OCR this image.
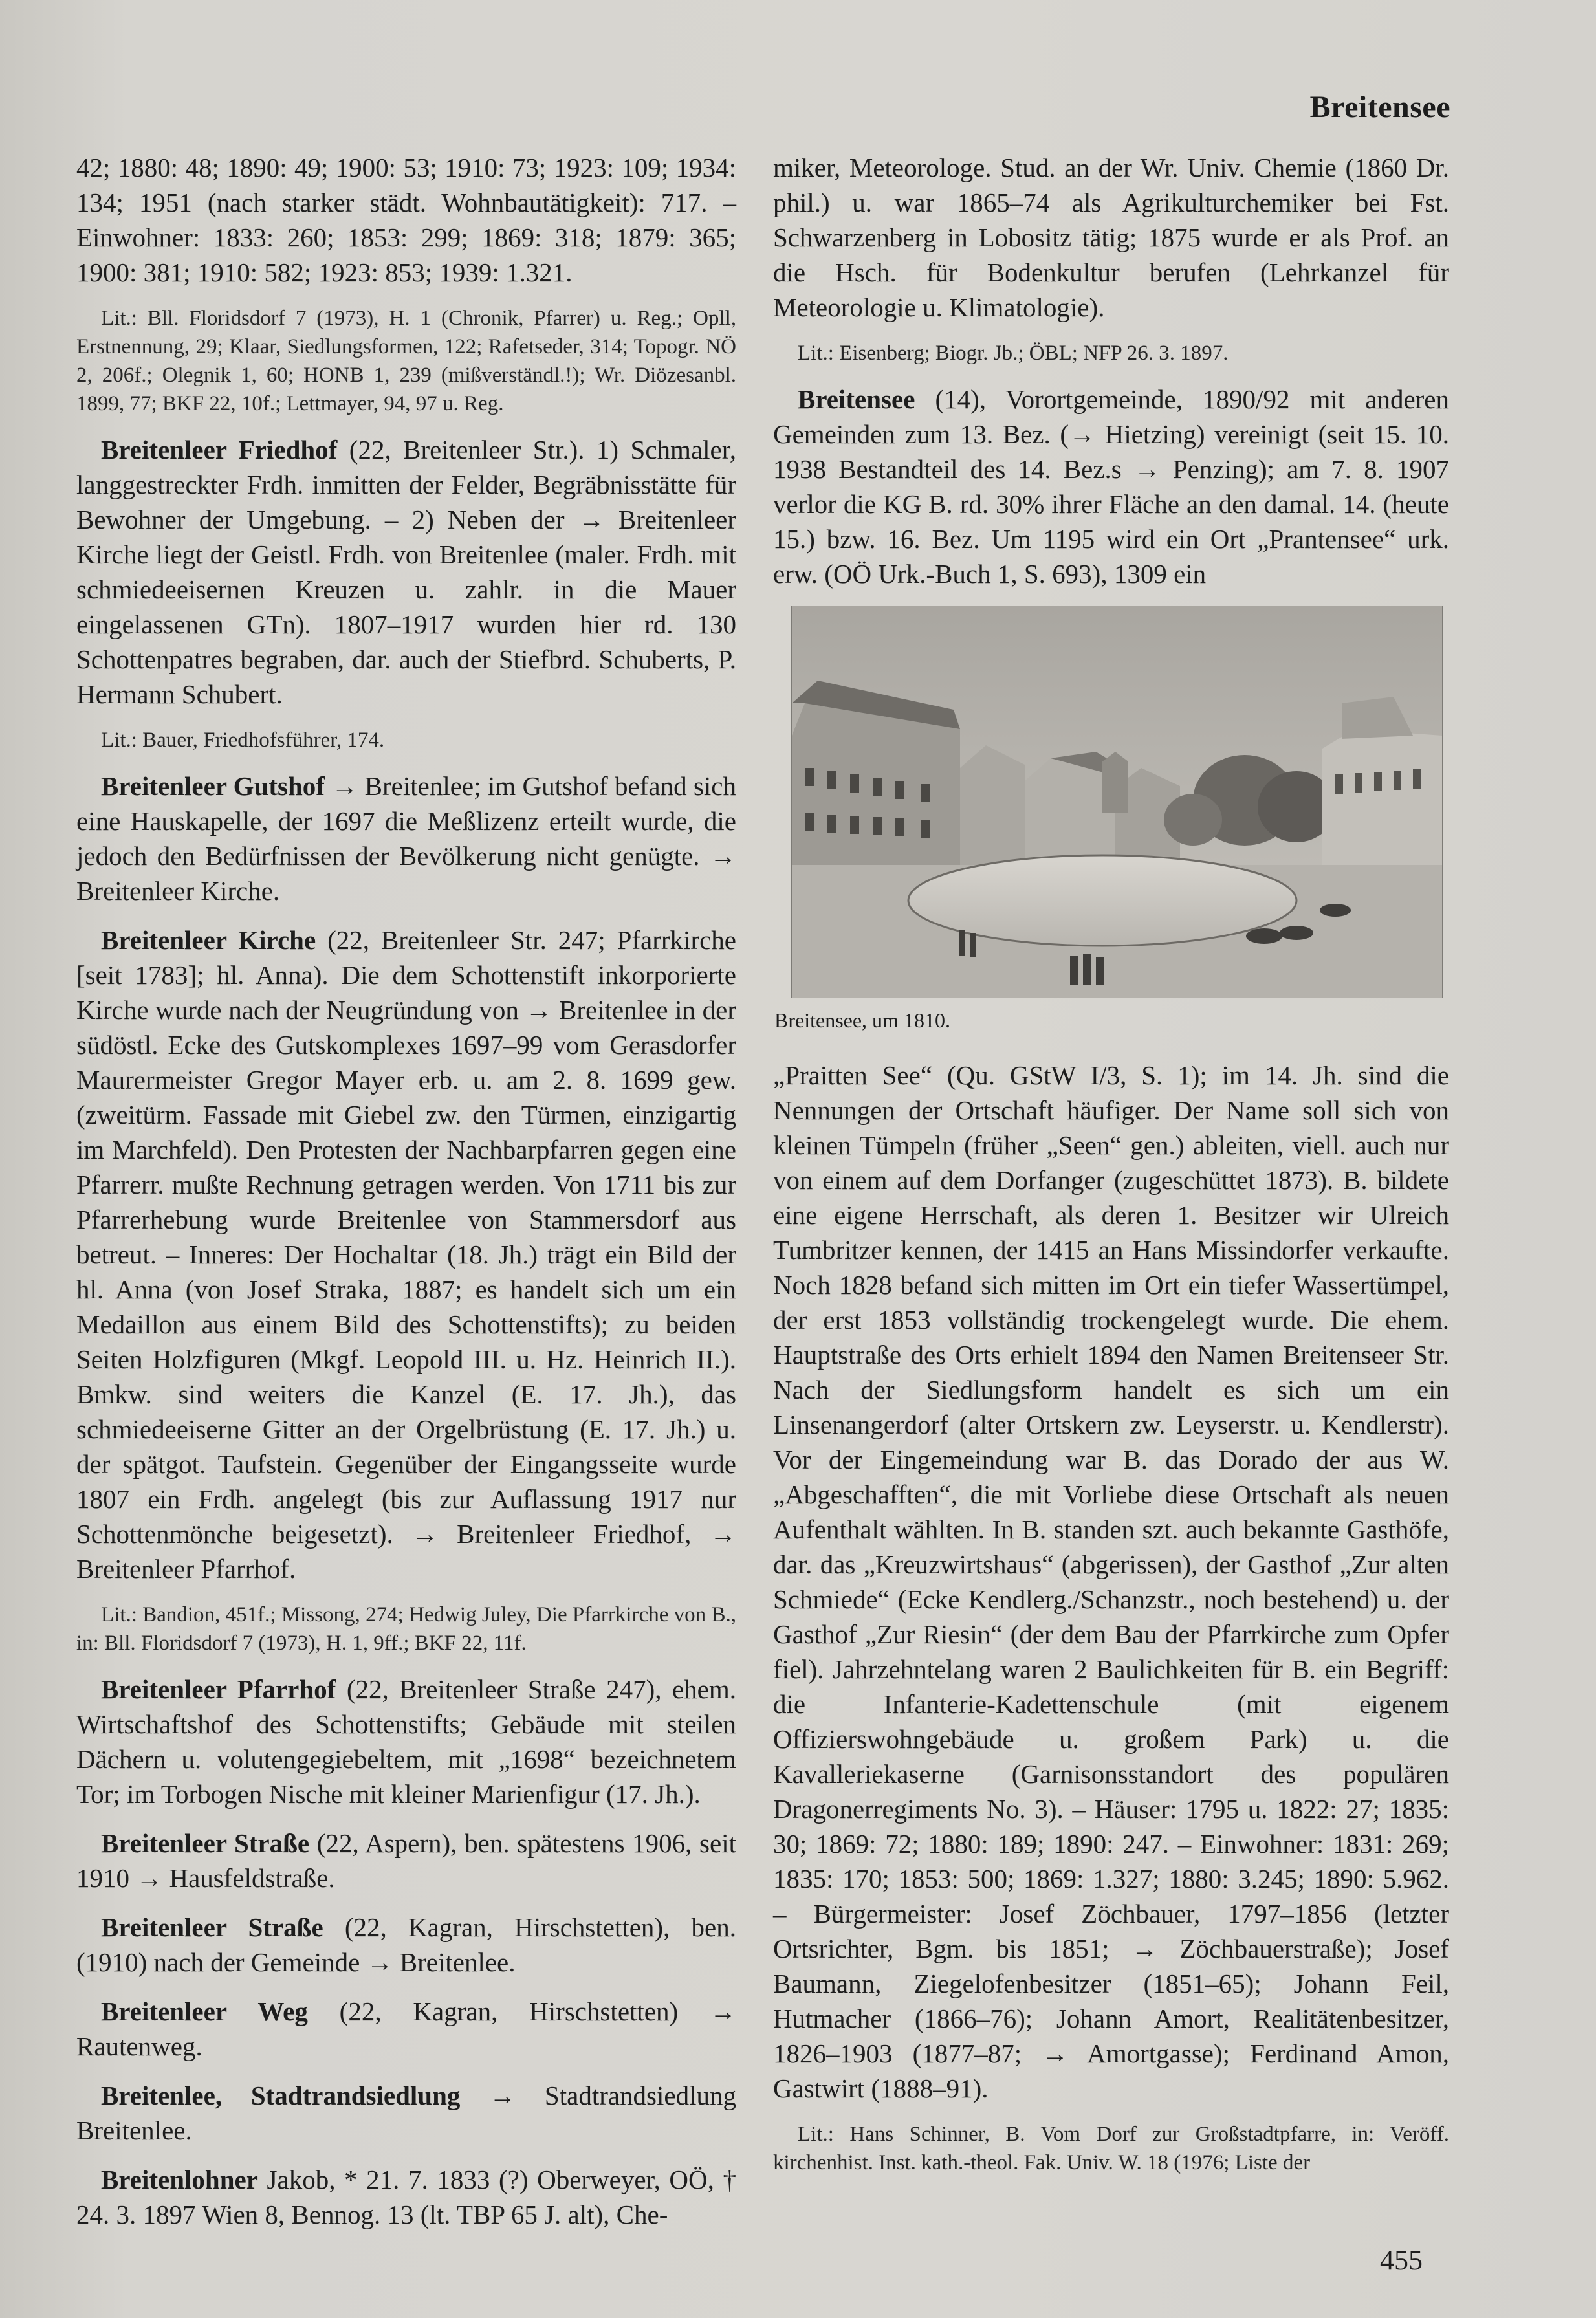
Breitensee

42; 1880: 48; 1890: 49; 1900: 53; 1910: 73; 1923: 109; 1934: 134; 1951 (nach starker städt. Wohnbautätigkeit): 717. – Einwohner: 1833: 260; 1853: 299; 1869: 318; 1879: 365; 1900: 381; 1910: 582; 1923: 853; 1939: 1.321.

Lit.: Bll. Floridsdorf 7 (1973), H. 1 (Chronik, Pfarrer) u. Reg.; Opll, Erstnennung, 29; Klaar, Siedlungsformen, 122; Rafetseder, 314; Topogr. NÖ 2, 206f.; Olegnik 1, 60; HONB 1, 239 (mißverständl.!); Wr. Diözesanbl. 1899, 77; BKF 22, 10f.; Lettmayer, 94, 97 u. Reg.

Breitenleer Friedhof (22, Breitenleer Str.). 1) Schmaler, langgestreckter Frdh. inmitten der Felder, Begräbnisstätte für Bewohner der Umgebung. – 2) Neben der → Breitenleer Kirche liegt der Geistl. Frdh. von Breitenlee (maler. Frdh. mit schmiedeeisernen Kreuzen u. zahlr. in die Mauer eingelassenen GTn). 1807–1917 wurden hier rd. 130 Schottenpatres begraben, dar. auch der Stiefbrd. Schuberts, P. Hermann Schubert.

Lit.: Bauer, Friedhofsführer, 174.

Breitenleer Gutshof → Breitenlee; im Gutshof befand sich eine Hauskapelle, der 1697 die Meßlizenz erteilt wurde, die jedoch den Bedürfnissen der Bevölkerung nicht genügte. → Breitenleer Kirche.

Breitenleer Kirche (22, Breitenleer Str. 247; Pfarrkirche [seit 1783]; hl. Anna). Die dem Schottenstift inkorporierte Kirche wurde nach der Neugründung von → Breitenlee in der südöstl. Ecke des Gutskomplexes 1697–99 vom Gerasdorfer Maurermeister Gregor Mayer erb. u. am 2. 8. 1699 gew. (zweitürm. Fassade mit Giebel zw. den Türmen, einzigartig im Marchfeld). Den Protesten der Nachbarpfarren gegen eine Pfarrerr. mußte Rechnung getragen werden. Von 1711 bis zur Pfarrerhebung wurde Breitenlee von Stammersdorf aus betreut. – Inneres: Der Hochaltar (18. Jh.) trägt ein Bild der hl. Anna (von Josef Straka, 1887; es handelt sich um ein Medaillon aus einem Bild des Schottenstifts); zu beiden Seiten Holzfiguren (Mkgf. Leopold III. u. Hz. Heinrich II.). Bmkw. sind weiters die Kanzel (E. 17. Jh.), das schmiedeeiserne Gitter an der Orgelbrüstung (E. 17. Jh.) u. der spätgot. Taufstein. Gegenüber der Eingangsseite wurde 1807 ein Frdh. angelegt (bis zur Auflassung 1917 nur Schottenmönche beigesetzt). → Breitenleer Friedhof, → Breitenleer Pfarrhof.

Lit.: Bandion, 451f.; Missong, 274; Hedwig Juley, Die Pfarrkirche von B., in: Bll. Floridsdorf 7 (1973), H. 1, 9ff.; BKF 22, 11f.

Breitenleer Pfarrhof (22, Breitenleer Straße 247), ehem. Wirtschaftshof des Schottenstifts; Gebäude mit steilen Dächern u. volutengegiebeltem, mit „1698“ bezeichnetem Tor; im Torbogen Nische mit kleiner Marienfigur (17. Jh.).

Breitenleer Straße (22, Aspern), ben. spätestens 1906, seit 1910 → Hausfeldstraße.

Breitenleer Straße (22, Kagran, Hirschstetten), ben. (1910) nach der Gemeinde → Breitenlee.

Breitenleer Weg (22, Kagran, Hirschstetten) → Rautenweg.

Breitenlee, Stadtrandsiedlung → Stadtrandsiedlung Breitenlee.

Breitenlohner Jakob, * 21. 7. 1833 (?) Oberweyer, OÖ, † 24. 3. 1897 Wien 8, Bennog. 13 (lt. TBP 65 J. alt), Che-

miker, Meteorologe. Stud. an der Wr. Univ. Chemie (1860 Dr. phil.) u. war 1865–74 als Agrikulturchemiker bei Fst. Schwarzenberg in Lobositz tätig; 1875 wurde er als Prof. an die Hsch. für Bodenkultur berufen (Lehrkanzel für Meteorologie u. Klimatologie).

Lit.: Eisenberg; Biogr. Jb.; ÖBL; NFP 26. 3. 1897.

Breitensee (14), Vorortgemeinde, 1890/92 mit anderen Gemeinden zum 13. Bez. (→ Hietzing) vereinigt (seit 15. 10. 1938 Bestandteil des 14. Bez.s → Penzing); am 7. 8. 1907 verlor die KG B. rd. 30% ihrer Fläche an den damal. 14. (heute 15.) bzw. 16. Bez. Um 1195 wird ein Ort „Prantensee“ urk. erw. (OÖ Urk.-Buch 1, S. 693), 1309 ein

Breitensee, um 1810.

„Praitten See“ (Qu. GStW I/3, S. 1); im 14. Jh. sind die Nennungen der Ortschaft häufiger. Der Name soll sich von kleinen Tümpeln (früher „Seen“ gen.) ableiten, viell. auch nur von einem auf dem Dorfanger (zugeschüttet 1873). B. bildete eine eigene Herrschaft, als deren 1. Besitzer wir Ulreich Tumbritzer kennen, der 1415 an Hans Missindorfer verkaufte. Noch 1828 befand sich mitten im Ort ein tiefer Wassertümpel, der erst 1853 vollständig trockengelegt wurde. Die ehem. Hauptstraße des Orts erhielt 1894 den Namen Breitenseer Str. Nach der Siedlungsform handelt es sich um ein Linsenangerdorf (alter Ortskern zw. Leyserstr. u. Kendlerstr). Vor der Eingemeindung war B. das Dorado der aus W. „Abgeschafften“, die mit Vorliebe diese Ortschaft als neuen Aufenthalt wählten. In B. standen szt. auch bekannte Gasthöfe, dar. das „Kreuzwirtshaus“ (abgerissen), der Gasthof „Zur alten Schmiede“ (Ecke Kendlerg./Schanzstr., noch bestehend) u. der Gasthof „Zur Riesin“ (der dem Bau der Pfarrkirche zum Opfer fiel). Jahrzehntelang waren 2 Baulichkeiten für B. ein Begriff: die Infanterie-Kadettenschule (mit eigenem Offizierswohngebäude u. großem Park) u. die Kavalleriekaserne (Garnisonsstandort des populären Dragonerregiments No. 3). – Häuser: 1795 u. 1822: 27; 1835: 30; 1869: 72; 1880: 189; 1890: 247. – Einwohner: 1831: 269; 1835: 170; 1853: 500; 1869: 1.327; 1880: 3.245; 1890: 5.962. – Bürgermeister: Josef Zöchbauer, 1797–1856 (letzter Ortsrichter, Bgm. bis 1851; → Zöchbauerstraße); Josef Baumann, Ziegelofenbesitzer (1851–65); Johann Feil, Hutmacher (1866–76); Johann Amort, Realitätenbesitzer, 1826–1903 (1877–87; → Amortgasse); Ferdinand Amon, Gastwirt (1888–91).

Lit.: Hans Schinner, B. Vom Dorf zur Großstadtpfarre, in: Veröff. kirchenhist. Inst. kath.-theol. Fak. Univ. W. 18 (1976; Liste der

455
